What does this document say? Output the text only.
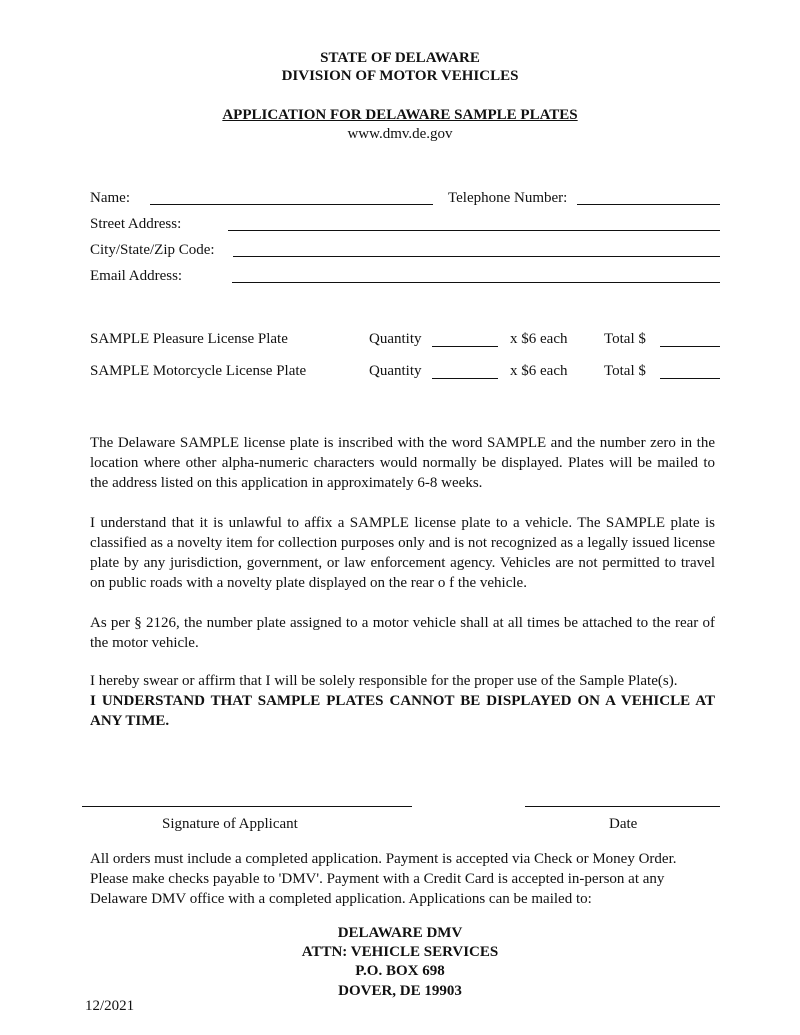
STATE OF DELAWARE
DIVISION OF MOTOR VEHICLES
APPLICATION FOR DELAWARE SAMPLE PLATES
www.dmv.de.gov
Name:	Telephone Number:
Street Address:
City/State/Zip Code:
Email Address:
SAMPLE Pleasure License Plate	Quantity	x $6 each Total $
SAMPLE Motorcycle License Plate	Quantity	x $6 each Total $
The Delaware SAMPLE license plate is inscribed with the word SAMPLE and the number zero in the location where other alpha-numeric characters would normally be displayed. Plates will be mailed to the address listed on this application in approximately 6-8 weeks.
I understand that it is unlawful to affix a SAMPLE license plate to a vehicle. The SAMPLE plate is classified as a novelty item for collection purposes only and is not recognized as a legally issued license plate by any jurisdiction, government, or law enforcement agency. Vehicles are not permitted to travel on public roads with a novelty plate displayed on the rear o f the vehicle.
As per § 2126, the number plate assigned to a motor vehicle shall at all times be attached to the rear of the motor vehicle.
I hereby swear or affirm that I will be solely responsible for the proper use of the Sample Plate(s).
I UNDERSTAND THAT SAMPLE PLATES CANNOT BE DISPLAYED ON A VEHICLE AT ANY TIME.
Signature of Applicant	Date
All orders must include a completed application. Payment is accepted via Check or Money Order. Please make checks payable to 'DMV'. Payment with a Credit Card is accepted in-person at any Delaware DMV office with a completed application. Applications can be mailed to:
DELAWARE DMV
ATTN: VEHICLE SERVICES
P.O. BOX 698
DOVER, DE 19903
12/2021
